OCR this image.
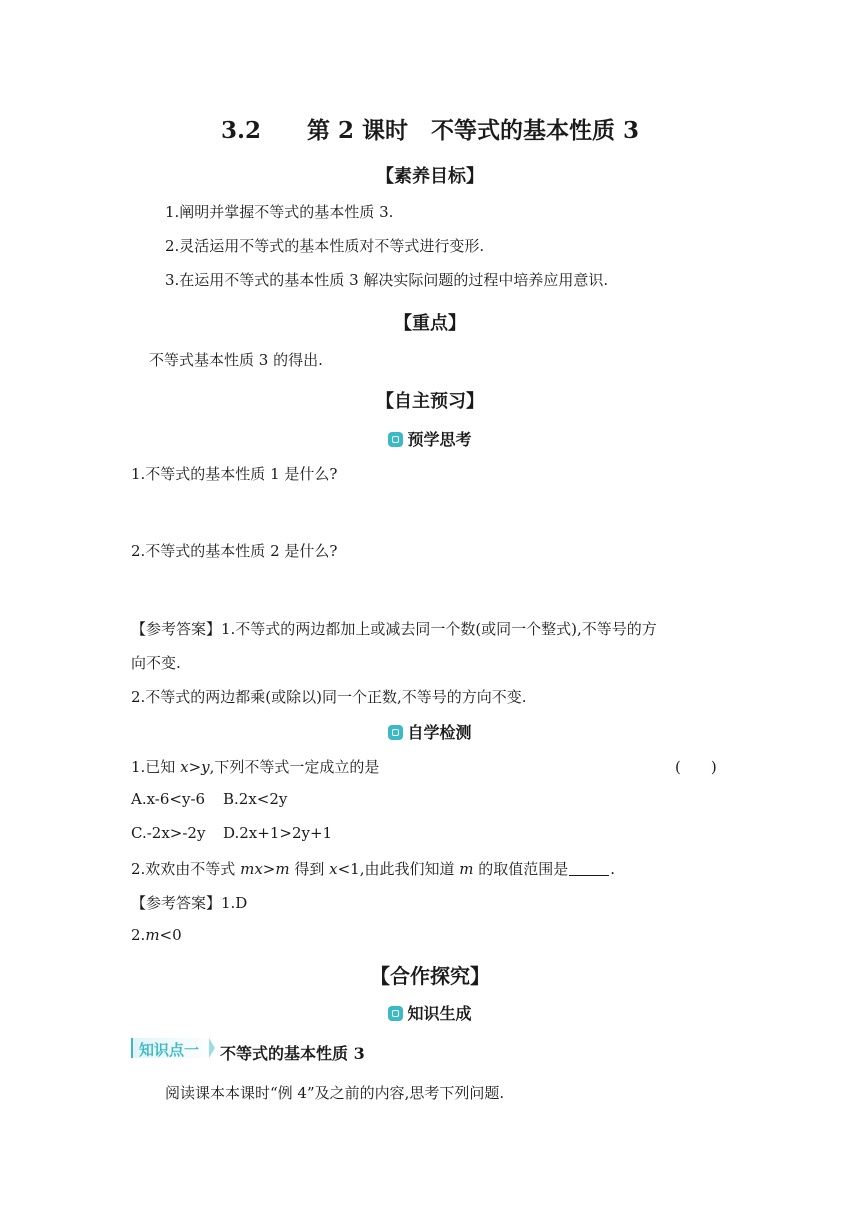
3.2　　第 2 课时　不等式的基本性质 3
【素养目标】
1.阐明并掌握不等式的基本性质 3.
2.灵活运用不等式的基本性质对不等式进行变形.
3.在运用不等式的基本性质 3 解决实际问题的过程中培养应用意识.
【重点】
不等式基本性质 3 的得出.
【自主预习】
预学思考
1.不等式的基本性质 1 是什么?
2.不等式的基本性质 2 是什么?
【参考答案】1.不等式的两边都加上或减去同一个数(或同一个整式),不等号的方
向不变.
2.不等式的两边都乘(或除以)同一个正数,不等号的方向不变.
自学检测
1.已知 x>y,下列不等式一定成立的是	(　　)
A.x-6<y-6 B.2x<2y
C.-2x>-2y D.2x+1>2y+1
2.欢欢由不等式 mx>m 得到 x<1,由此我们知道 m 的取值范围是	.
【参考答案】1.D
2.m<0
【合作探究】
知识生成
知识点一 不等式的基本性质 3
阅读课本本课时“例 4”及之前的内容,思考下列问题.
